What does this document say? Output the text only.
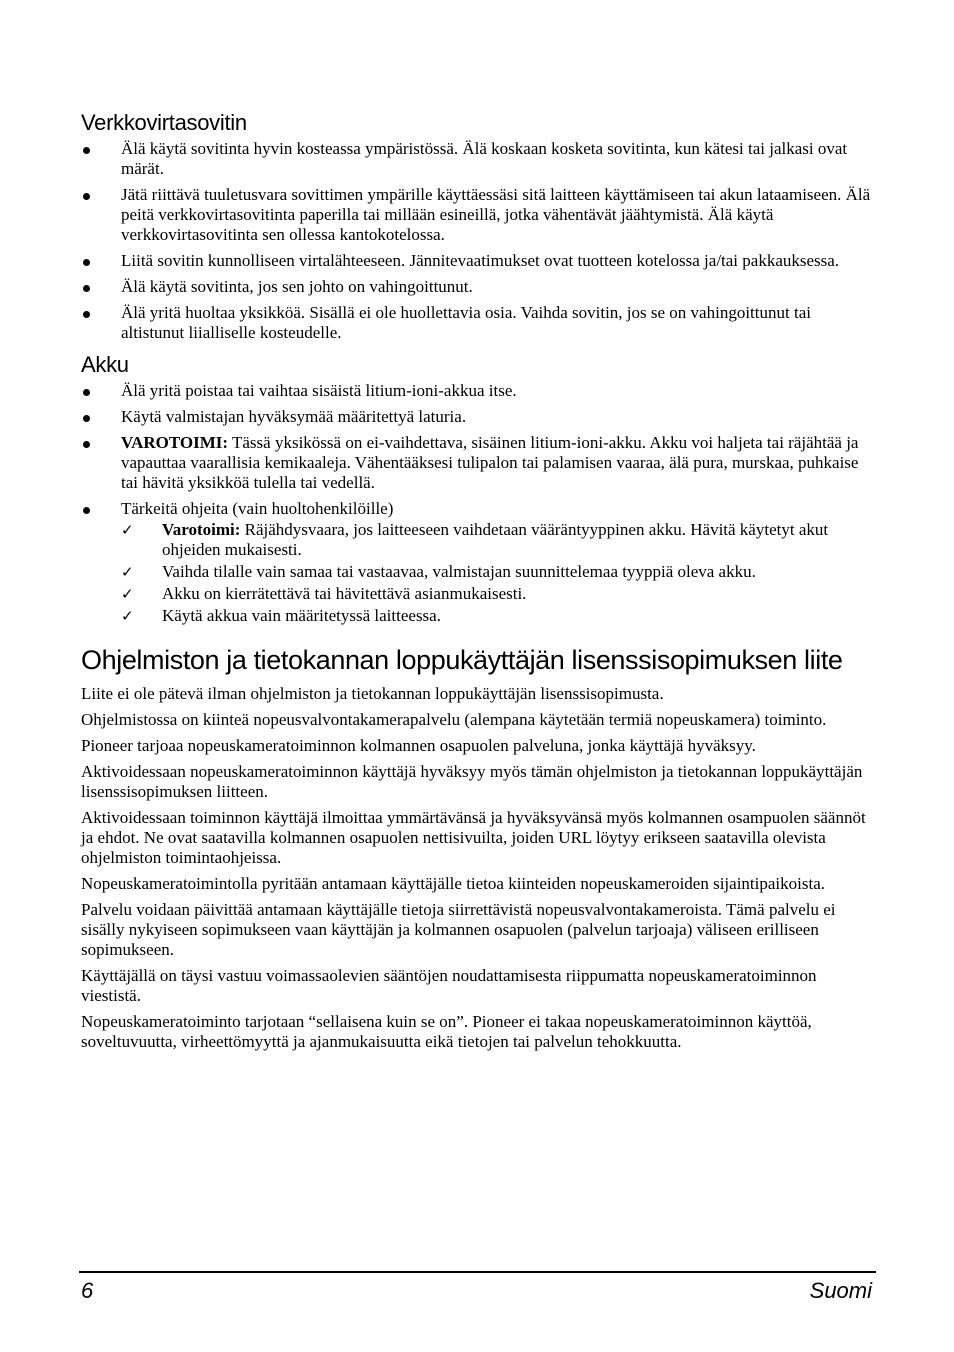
Verkkovirtasovitin
Älä käytä sovitinta hyvin kosteassa ympäristössä. Älä koskaan kosketa sovitinta, kun kätesi tai jalkasi ovat märät.
Jätä riittävä tuuletusvara sovittimen ympärille käyttäessäsi sitä laitteen käyttämiseen tai akun lataamiseen. Älä peitä verkkovirtasovitinta paperilla tai millään esineillä, jotka vähentävät jäähtymistä. Älä käytä verkkovirtasovitinta sen ollessa kantokotelossa.
Liitä sovitin kunnolliseen virtalähteeseen. Jännitevaatimukset ovat tuotteen kotelossa ja/tai pakkauksessa.
Älä käytä sovitinta, jos sen johto on vahingoittunut.
Älä yritä huoltaa yksikköä. Sisällä ei ole huollettavia osia. Vaihda sovitin, jos se on vahingoittunut tai altistunut liialliselle kosteudelle.
Akku
Älä yritä poistaa tai vaihtaa sisäistä litium-ioni-akkua itse.
Käytä valmistajan hyväksymää määritettyä laturia.
VAROTOIMI: Tässä yksikössä on ei-vaihdettava, sisäinen litium-ioni-akku. Akku voi haljeta tai räjähtää ja vapauttaa vaarallisia kemikaaleja. Vähentääksesi tulipalon tai palamisen vaaraa, älä pura, murskaa, puhkaise tai hävitä yksikköä tulella tai vedellä.
Tärkeitä ohjeita (vain huoltohenkilöille)
✓ Varotoimi: Räjähdysvaara, jos laitteeseen vaihdetaan vääräntyyppinen akku. Hävitä käytetyt akut ohjeiden mukaisesti.
✓ Vaihda tilalle vain samaa tai vastaavaa, valmistajan suunnittelemaa tyyppiä oleva akku.
✓ Akku on kierrätettävä tai hävitettävä asianmukaisesti.
✓ Käytä akkua vain määritetyssä laitteessa.
Ohjelmiston ja tietokannan loppukäyttäjän lisenssisopimuksen liite

Liite ei ole pätevä ilman ohjelmiston ja tietokannan loppukäyttäjän lisenssisopimusta.

Ohjelmistossa on kiinteä nopeusvalvontakamerapalvelu (alempana käytetään termiä nopeuskamera) toiminto.

Pioneer tarjoaa nopeuskameratoiminnon kolmannen osapuolen palveluna, jonka käyttäjä hyväksyy.

Aktivoidessaan nopeuskameratoiminnon käyttäjä hyväksyy myös tämän ohjelmiston ja tietokannan loppukäyttäjän lisenssisopimuksen liitteen.

Aktivoidessaan toiminnon käyttäjä ilmoittaa ymmärtävänsä ja hyväksyvänsä myös kolmannen osampuolen säännöt ja ehdot. Ne ovat saatavilla kolmannen osapuolen nettisivuilta, joiden URL löytyy erikseen saatavilla olevista ohjelmiston toimintaohjeissa.

Nopeuskameratoimintolla pyritään antamaan käyttäjälle tietoa kiinteiden nopeuskameroiden sijaintipaikoista.

Palvelu voidaan päivittää antamaan käyttäjälle tietoja siirrettävistä nopeusvalvontakameroista. Tämä palvelu ei sisälly nykyiseen sopimukseen vaan käyttäjän ja kolmannen osapuolen (palvelun tarjoaja) väliseen erilliseen sopimukseen.

Käyttäjällä on täysi vastuu voimassaolevien sääntöjen noudattamisesta riippumatta nopeuskameratoiminnon viestistä.

Nopeuskameratoiminto tarjotaan “sellaisena kuin se on”. Pioneer ei takaa nopeuskameratoiminnon käyttöä, soveltuvuutta, virheettömyyttä ja ajanmukaisuutta eikä tietojen tai palvelun tehokkuutta.

6	Suomi
